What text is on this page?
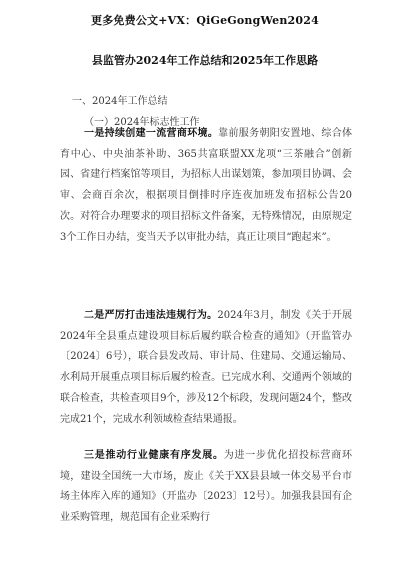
更多免费公文+VX：QiGeGongWen2024
县监管办2024年工作总结和2025年工作思路
一、2024年工作总结
（一）2024年标志性工作

一是持续创建一流营商环境。靠前服务朝阳安置地、综合体育中心、中央油茶补助、365共富联盟XX龙项“三茶融合”创新园、省建行档案馆等项目，为招标人出谋划策，参加项目协调、会审、会商百余次，根据项目倒排时序连夜加班发布招标公告20次。对符合办理要求的项目招标文件备案，无特殊情况，由原规定3个工作日办结，变当天予以审批办结，真正让项目“跑起来”。

二是严厉打击违法违规行为。2024年3月，制发《关于开展2024年全县重点建设项目标后履约联合检查的通知》（开监管办〔2024〕6号），联合县发改局、审计局、住建局、交通运输局、水利局开展重点项目标后履约检查。已完成水利、交通两个领域的联合检查，共检查项目9个，涉及12个标段，发现问题24个，整改完成21个，完成水利领域检查结果通报。

三是推动行业健康有序发展。为进一步优化招投标营商环境，建设全国统一大市场，废止《关于XX县县域一体交易平台市场主体库入库的通知》（开监办〔2023〕12号）。加强我县国有企业采购管理，规范国有企业采购行
